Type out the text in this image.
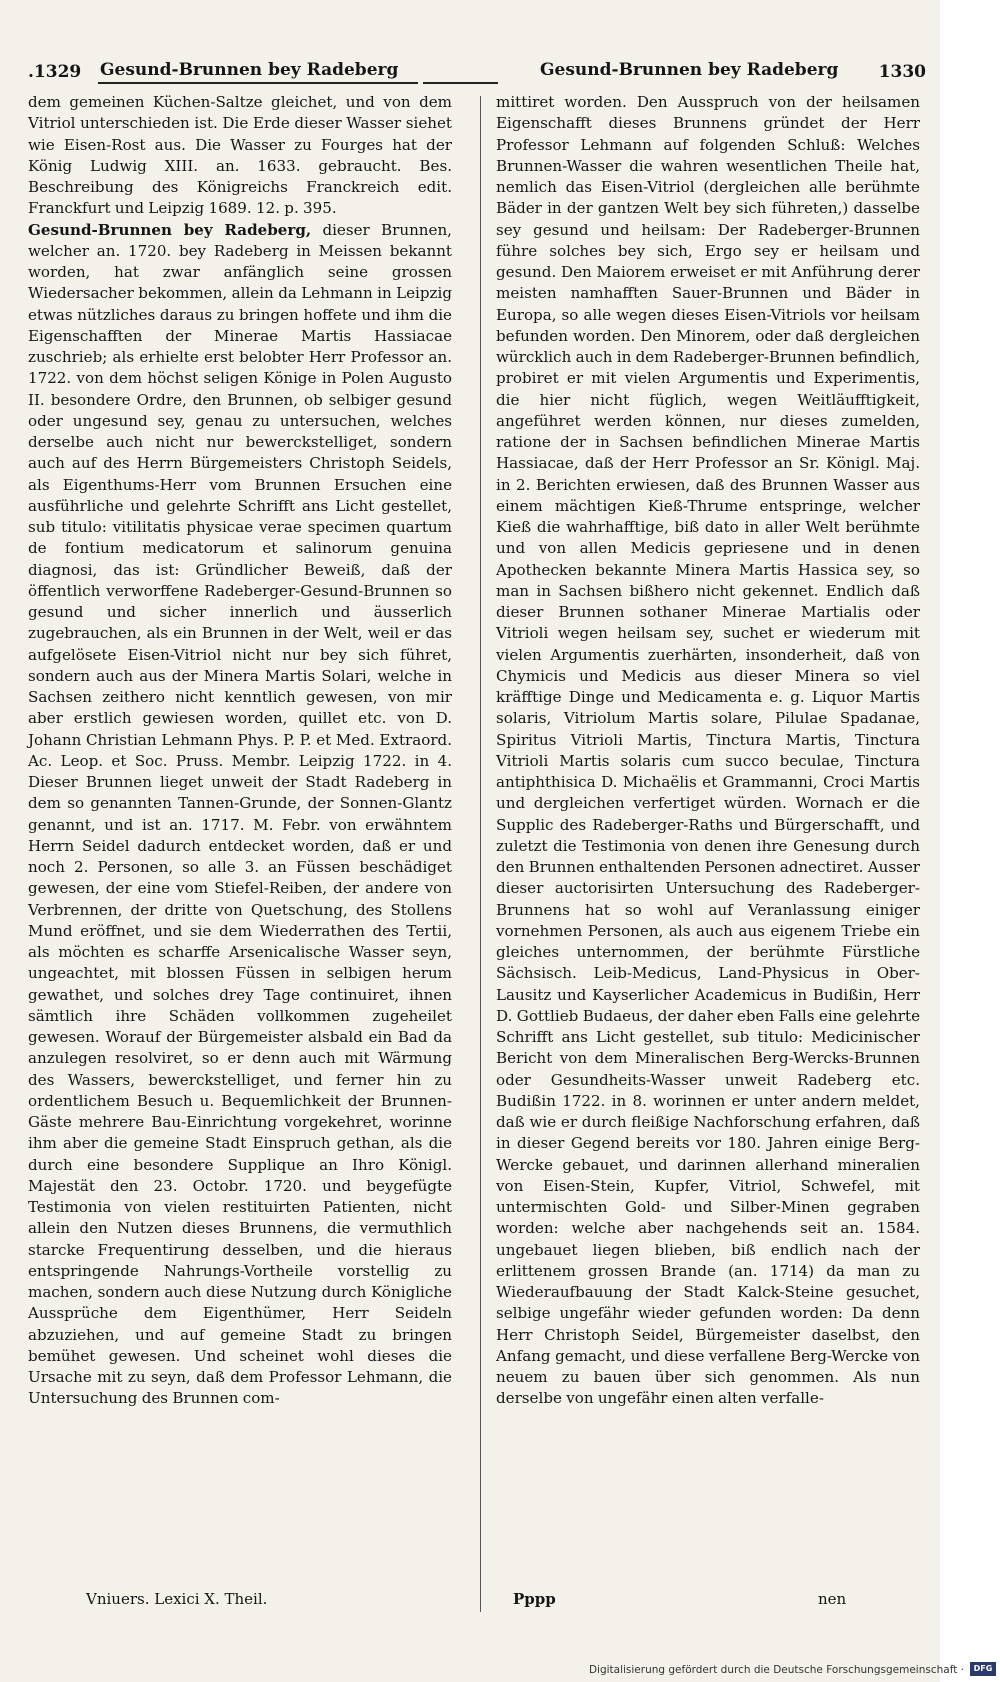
.1329 Gesund-Brunnen bey Radeberg	Gesund-Brunnen bey Radeberg 1330

dem gemeinen Küchen-Saltze gleichet, und von dem Vitriol unterschieden ist. Die Erde dieser Wasser siehet wie Eisen-Rost aus. Die Wasser zu Fourges hat der König Ludwig XIII. an. 1633. gebraucht. Bes. Beschreibung des Königreichs Franckreich edit. Franckfurt und Leipzig 1689. 12. p. 395.

Gesund-Brunnen bey Radeberg, dieser Brunnen, welcher an. 1720. bey Radeberg in Meissen bekannt worden, hat zwar anfänglich seine grossen Wiedersacher bekommen, allein da Lehmann in Leipzig etwas nützliches daraus zu bringen hoffete und ihm die Eigenschafften der Minerae Martis Hassiacae zuschrieb; als erhielte erst belobter Herr Professor an. 1722. von dem höchst seligen Könige in Polen Augusto II. besondere Ordre, den Brunnen, ob selbiger gesund oder ungesund sey, genau zu untersuchen, welches derselbe auch nicht nur bewerckstelliget, sondern auch auf des Herrn Bürgemeisters Christoph Seidels, als Eigenthums-Herr vom Brunnen Ersuchen eine ausführliche und gelehrte Schrifft ans Licht gestellet, sub titulo: vitilitatis physicae verae specimen quartum de fontium medicatorum et salinorum genuina diagnosi, das ist: Gründlicher Beweiß, daß der öffentlich verworffene Radeberger-Gesund-Brunnen so gesund und sicher innerlich und äusserlich zugebrauchen, als ein Brunnen in der Welt, weil er das aufgelösete Eisen-Vitriol nicht nur bey sich führet, sondern auch aus der Minera Martis Solari, welche in Sachsen zeithero nicht kenntlich gewesen, von mir aber erstlich gewiesen worden, quillet etc. von D. Johann Christian Lehmann Phys. P. P. et Med. Extraord. Ac. Leop. et Soc. Pruss. Membr. Leipzig 1722. in 4. Dieser Brunnen lieget unweit der Stadt Radeberg in dem so genannten Tannen-Grunde, der Sonnen-Glantz genannt, und ist an. 1717. M. Febr. von erwähntem Herrn Seidel dadurch entdecket worden, daß er und noch 2. Personen, so alle 3. an Füssen beschädiget gewesen, der eine vom Stiefel-Reiben, der andere von Verbrennen, der dritte von Quetschung, des Stollens Mund eröffnet, und sie dem Wiederrathen des Tertii, als möchten es scharffe Arsenicalische Wasser seyn, ungeachtet, mit blossen Füssen in selbigen herum gewathet, und solches drey Tage continuiret, ihnen sämtlich ihre Schäden vollkommen zugeheilet gewesen. Worauf der Bürgemeister alsbald ein Bad da anzulegen resolviret, so er denn auch mit Wärmung des Wassers, bewerckstelliget, und ferner hin zu ordentlichem Besuch u. Bequemlichkeit der Brunnen-Gäste mehrere Bau-Einrichtung vorgekehret, worinne ihm aber die gemeine Stadt Einspruch gethan, als die durch eine besondere Supplique an Ihro Königl. Majestät den 23. Octobr. 1720. und beygefügte Testimonia von vielen restituirten Patienten, nicht allein den Nutzen dieses Brunnens, die vermuthlich starcke Frequentirung desselben, und die hieraus entspringende Nahrungs-Vortheile vorstellig zu machen, sondern auch diese Nutzung durch Königliche Aussprüche dem Eigenthümer, Herr Seideln abzuziehen, und auf gemeine Stadt zu bringen bemühet gewesen. Und scheinet wohl dieses die Ursache mit zu seyn, daß dem Professor Lehmann, die Untersuchung des Brunnen com-

mittiret worden. Den Ausspruch von der heilsamen Eigenschafft dieses Brunnens gründet der Herr Professor Lehmann auf folgenden Schluß: Welches Brunnen-Wasser die wahren wesentlichen Theile hat, nemlich das Eisen-Vitriol (dergleichen alle berühmte Bäder in der gantzen Welt bey sich führeten,) dasselbe sey gesund und heilsam: Der Radeberger-Brunnen führe solches bey sich, Ergo sey er heilsam und gesund. Den Maiorem erweiset er mit Anführung derer meisten namhafften Sauer-Brunnen und Bäder in Europa, so alle wegen dieses Eisen-Vitriols vor heilsam befunden worden. Den Minorem, oder daß dergleichen würcklich auch in dem Radeberger-Brunnen befindlich, probiret er mit vielen Argumentis und Experimentis, die hier nicht füglich, wegen Weitläufftigkeit, angeführet werden können, nur dieses zumelden, ratione der in Sachsen befindlichen Minerae Martis Hassiacae, daß der Herr Professor an Sr. Königl. Maj. in 2. Berichten erwiesen, daß des Brunnen Wasser aus einem mächtigen Kieß-Thrume entspringe, welcher Kieß die wahrhafftige, biß dato in aller Welt berühmte und von allen Medicis gepriesene und in denen Apothecken bekannte Minera Martis Hassica sey, so man in Sachsen bißhero nicht gekennet. Endlich daß dieser Brunnen sothaner Minerae Martialis oder Vitrioli wegen heilsam sey, suchet er wiederum mit vielen Argumentis zuerhärten, insonderheit, daß von Chymicis und Medicis aus dieser Minera so viel kräfftige Dinge und Medicamenta e. g. Liquor Martis solaris, Vitriolum Martis solare, Pilulae Spadanae, Spiritus Vitrioli Martis, Tinctura Martis, Tinctura Vitrioli Martis solaris cum succo beculae, Tinctura antiphthisica D. Michaëlis et Grammanni, Croci Martis und dergleichen verfertiget würden. Wornach er die Supplic des Radeberger-Raths und Bürgerschafft, und zuletzt die Testimonia von denen ihre Genesung durch den Brunnen enthaltenden Personen adnectiret. Ausser dieser auctorisirten Untersuchung des Radeberger-Brunnens hat so wohl auf Veranlassung einiger vornehmen Personen, als auch aus eigenem Triebe ein gleiches unternommen, der berühmte Fürstliche Sächsisch. Leib-Medicus, Land-Physicus in Ober-Lausitz und Kayserlicher Academicus in Budißin, Herr D. Gottlieb Budaeus, der daher eben Falls eine gelehrte Schrifft ans Licht gestellet, sub titulo: Medicinischer Bericht von dem Mineralischen Berg-Wercks-Brunnen oder Gesundheits-Wasser unweit Radeberg etc. Budißin 1722. in 8. worinnen er unter andern meldet, daß wie er durch fleißige Nachforschung erfahren, daß in dieser Gegend bereits vor 180. Jahren einige Berg-Wercke gebauet, und darinnen allerhand mineralien von Eisen-Stein, Kupfer, Vitriol, Schwefel, mit untermischten Gold- und Silber-Minen gegraben worden: welche aber nachgehends seit an. 1584. ungebauet liegen blieben, biß endlich nach der erlittenem grossen Brande (an. 1714) da man zu Wiederaufbauung der Stadt Kalck-Steine gesuchet, selbige ungefähr wieder gefunden worden: Da denn Herr Christoph Seidel, Bürgemeister daselbst, den Anfang gemacht, und diese verfallene Berg-Wercke von neuem zu bauen über sich genommen. Als nun derselbe von ungefähr einen alten verfalle-

Vniuers. Lexici X. Theil.	Pppp	nen
Digitalisierung gefördert durch die Deutsche Forschungsgemeinschaft ·	DFG
